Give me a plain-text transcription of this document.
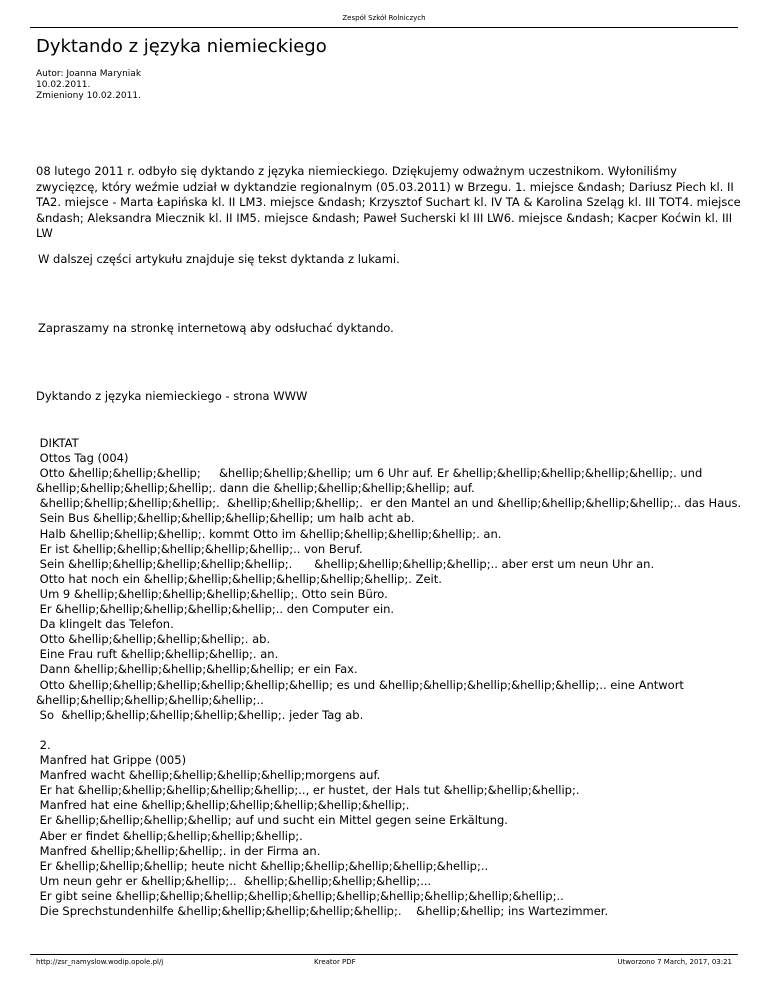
Zespół Szkół Rolniczych
Dyktando z języka niemieckiego
Autor: Joanna Maryniak
10.02.2011.
Zmieniony 10.02.2011.
08 lutego 2011 r. odbyło się dyktando z języka niemieckiego. Dziękujemy odważnym uczestnikom. Wyłoniliśmy zwycięzcę, który weźmie udział w dyktandzie regionalnym (05.03.2011) w Brzegu. 1. miejsce &ndash; Dariusz Piech kl. II TA2. miejsce - Marta Łapińska kl. II LM3. miejsce &ndash; Krzysztof Suchart kl. IV TA & Karolina Szeląg kl. III TOT4. miejsce &ndash; Aleksandra Miecznik kl. II IM5. miejsce &ndash; Paweł Sucherski kl III LW6. miejsce &ndash; Kacper Koćwin kl. III LW
W dalszej części artykułu znajduje się tekst dyktanda z lukami.
Zapraszamy na stronkę internetową aby odsłuchać dyktando.
Dyktando z języka niemieckiego - strona WWW
DIKTAT
Ottos Tag (004)
Otto &hellip;&hellip;&hellip;     &hellip;&hellip;&hellip; um 6 Uhr auf. Er &hellip;&hellip;&hellip;&hellip;&hellip;. und &hellip;&hellip;&hellip;&hellip;. dann die &hellip;&hellip;&hellip;&hellip; auf.
&hellip;&hellip;&hellip;&hellip;.  &hellip;&hellip;&hellip;.  er den Mantel an und &hellip;&hellip;&hellip;&hellip;.. das Haus.
Sein Bus &hellip;&hellip;&hellip;&hellip;&hellip; um halb acht ab.
Halb &hellip;&hellip;&hellip;. kommt Otto im &hellip;&hellip;&hellip;&hellip;. an.
Er ist &hellip;&hellip;&hellip;&hellip;&hellip;.. von Beruf.
Sein &hellip;&hellip;&hellip;&hellip;&hellip;.      &hellip;&hellip;&hellip;&hellip;.. aber erst um neun Uhr an.
Otto hat noch ein &hellip;&hellip;&hellip;&hellip;&hellip;&hellip;. Zeit.
Um 9 &hellip;&hellip;&hellip;&hellip;&hellip;. Otto sein Büro.
Er &hellip;&hellip;&hellip;&hellip;&hellip;.. den Computer ein.
Da klingelt das Telefon.
Otto &hellip;&hellip;&hellip;&hellip;. ab.
Eine Frau ruft &hellip;&hellip;&hellip;. an.
Dann &hellip;&hellip;&hellip;&hellip;&hellip; er ein Fax.
Otto &hellip;&hellip;&hellip;&hellip;&hellip;&hellip; es und &hellip;&hellip;&hellip;&hellip;&hellip;.. eine Antwort &hellip;&hellip;&hellip;&hellip;&hellip;..
So  &hellip;&hellip;&hellip;&hellip;&hellip;. jeder Tag ab.
2.
Manfred hat Grippe (005)
Manfred wacht &hellip;&hellip;&hellip;&hellip;morgens auf.
Er hat &hellip;&hellip;&hellip;&hellip;&hellip;.., er hustet, der Hals tut &hellip;&hellip;&hellip;.
Manfred hat eine &hellip;&hellip;&hellip;&hellip;&hellip;&hellip;.
Er &hellip;&hellip;&hellip;&hellip; auf und sucht ein Mittel gegen seine Erkältung.
Aber er findet &hellip;&hellip;&hellip;&hellip;.
Manfred &hellip;&hellip;&hellip;. in der Firma an.
Er &hellip;&hellip;&hellip; heute nicht &hellip;&hellip;&hellip;&hellip;&hellip;..
Um neun gehr er &hellip;&hellip;..  &hellip;&hellip;&hellip;&hellip;...
Er gibt seine &hellip;&hellip;&hellip;&hellip;&hellip;&hellip;&hellip;&hellip;&hellip;&hellip;..
Die Sprechstundenhilfe &hellip;&hellip;&hellip;&hellip;&hellip;.    &hellip;&hellip; ins Wartezimmer.
http://zsr_namyslow.wodip.opole.pl/j	Kreator PDF	Utworzono 7 March, 2017, 03:21
